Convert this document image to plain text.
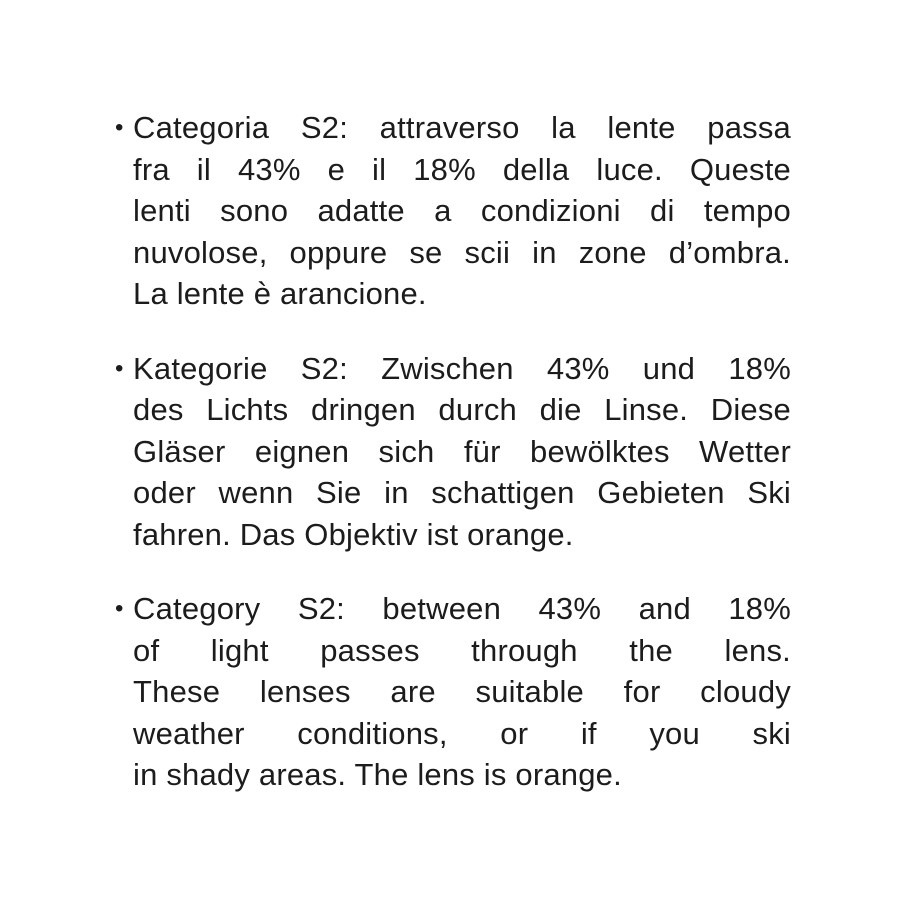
• Categoria S2: attraverso la lente passa
fra il 43% e il 18% della luce. Queste
lenti sono adatte a condizioni di tempo
nuvolose, oppure se scii in zone d’ombra.
La lente è arancione.
• Kategorie S2: Zwischen 43% und 18%
des Lichts dringen durch die Linse. Diese
Gläser eignen sich für bewölktes Wetter
oder wenn Sie in schattigen Gebieten Ski
fahren. Das Objektiv ist orange.
• Category S2: between 43% and 18%
of light passes through the lens.
These lenses are suitable for cloudy
weather conditions, or if you ski
in shady areas. The lens is orange.
